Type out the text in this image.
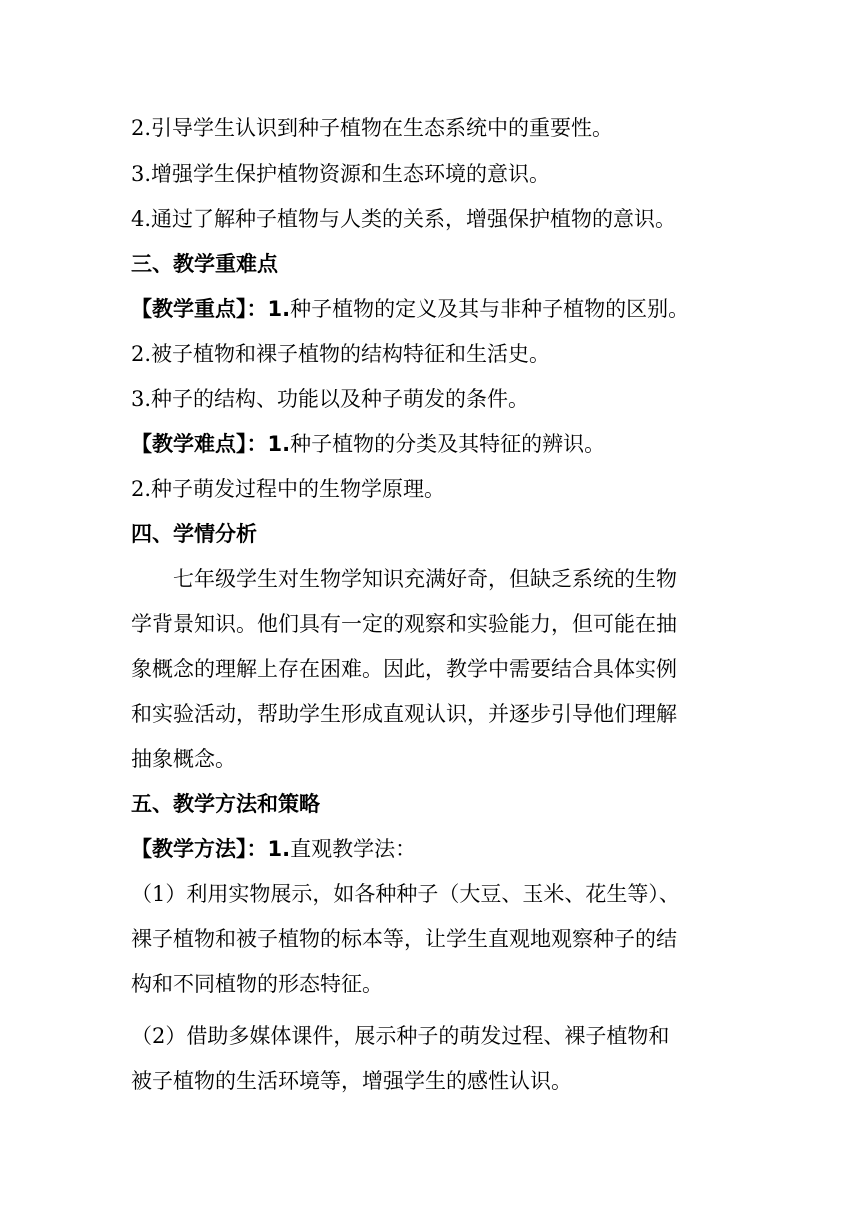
2.引导学生认识到种子植物在生态系统中的重要性。
3.增强学生保护植物资源和生态环境的意识。
4.通过了解种子植物与人类的关系，增强保护植物的意识。
三、教学重难点
【教学重点】：1.种子植物的定义及其与非种子植物的区别。
2.被子植物和裸子植物的结构特征和生活史。
3.种子的结构、功能以及种子萌发的条件。
【教学难点】：1.种子植物的分类及其特征的辨识。
2.种子萌发过程中的生物学原理。
四、学情分析
七年级学生对生物学知识充满好奇，但缺乏系统的生物
学背景知识。他们具有一定的观察和实验能力，但可能在抽
象概念的理解上存在困难。因此，教学中需要结合具体实例
和实验活动，帮助学生形成直观认识，并逐步引导他们理解
抽象概念。
五、教学方法和策略
【教学方法】：1.直观教学法：
（1）利用实物展示，如各种种子（大豆、玉米、花生等）、
裸子植物和被子植物的标本等，让学生直观地观察种子的结
构和不同植物的形态特征。
（2）借助多媒体课件，展示种子的萌发过程、裸子植物和
被子植物的生活环境等，增强学生的感性认识。
